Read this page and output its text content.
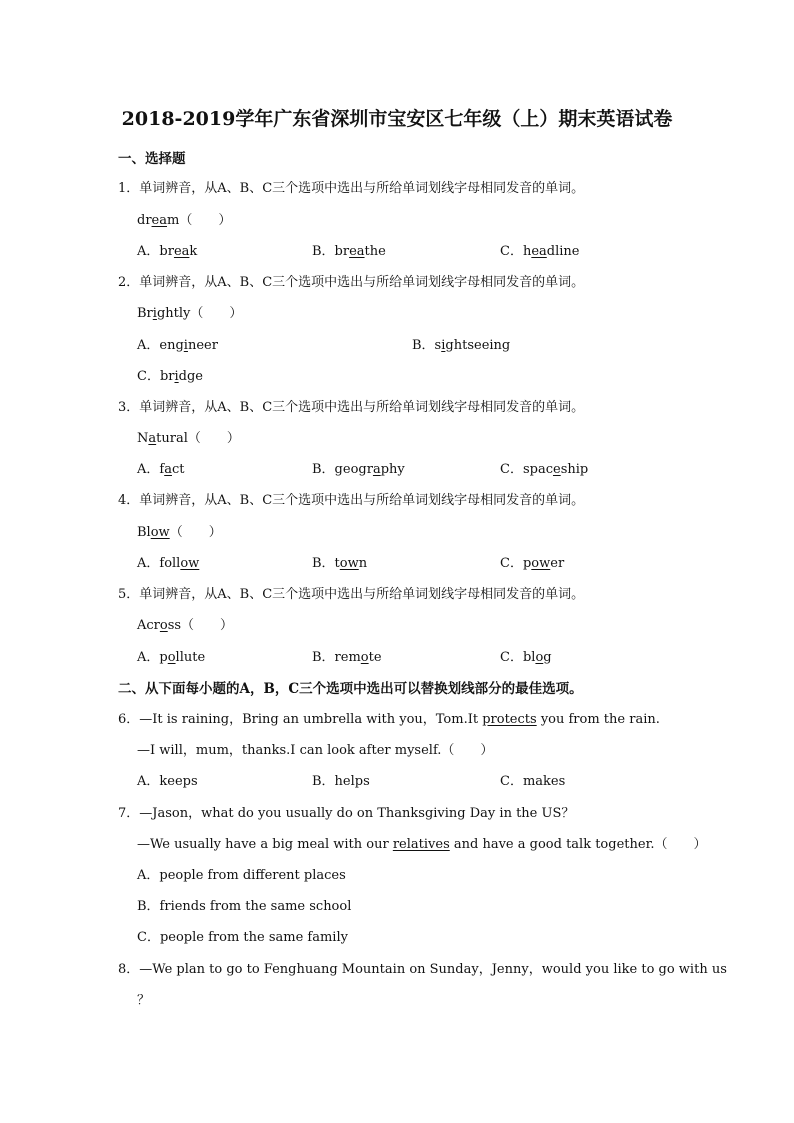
2018-2019学年广东省深圳市宝安区七年级（上）期末英语试卷
一、选择题
1．单词辨音，从A、B、C三个选项中选出与所给单词划线字母相同发音的单词。
dream（　　）
A．break	B．breathe	C．headline
2．单词辨音，从A、B、C三个选项中选出与所给单词划线字母相同发音的单词。
Brightly（　　）
A．engineer	B．sightseeing
C．bridge
3．单词辨音，从A、B、C三个选项中选出与所给单词划线字母相同发音的单词。
Natural（　　）
A．fact	B．geography	C．spaceship
4．单词辨音，从A、B、C三个选项中选出与所给单词划线字母相同发音的单词。
Blow（　　）
A．follow	B．town	C．power
5．单词辨音，从A、B、C三个选项中选出与所给单词划线字母相同发音的单词。
Across（　　）
A．pollute	B．remote	C．blog
二、从下面每小题的A，B，C三个选项中选出可以替换划线部分的最佳选项。
6．—It is raining，Bring an umbrella with you，Tom.It protects you from the rain.
—I will，mum，thanks.I can look after myself.（　　）
A．keeps	B．helps	C．makes
7．—Jason，what do you usually do on Thanksgiving Day in the US？
—We usually have a big meal with our relatives and have a good talk together.（　　）
A．people from different places
B．friends from the same school
C．people from the same family
8．—We plan to go to Fenghuang Mountain on Sunday，Jenny，would you like to go with us
？
